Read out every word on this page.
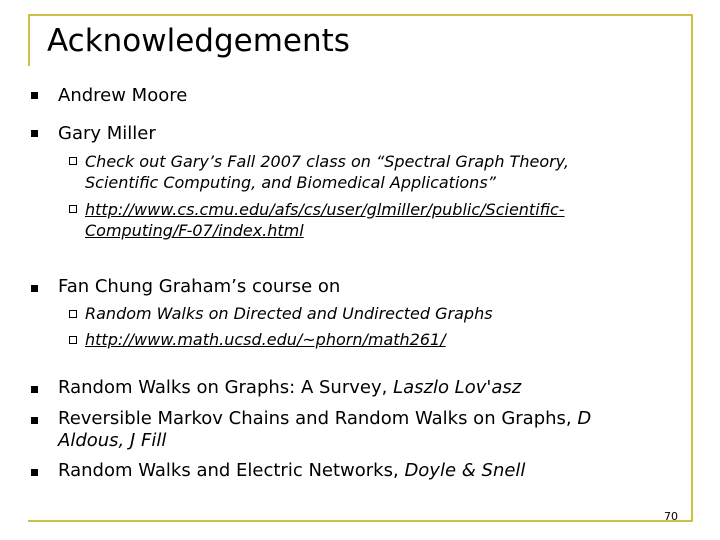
Acknowledgements
Andrew Moore
Gary Miller
Check out Gary’s Fall 2007 class on “Spectral Graph Theory, Scientific Computing, and Biomedical Applications”
http://www.cs.cmu.edu/afs/cs/user/glmiller/public/Scientific-Computing/F-07/index.html
Fan Chung Graham’s course on
Random Walks on Directed and Undirected Graphs
http://www.math.ucsd.edu/~phorn/math261/
Random Walks on Graphs: A Survey, Laszlo Lov'asz
Reversible Markov Chains and Random Walks on Graphs, D Aldous, J Fill
Random Walks and Electric Networks, Doyle & Snell
70
